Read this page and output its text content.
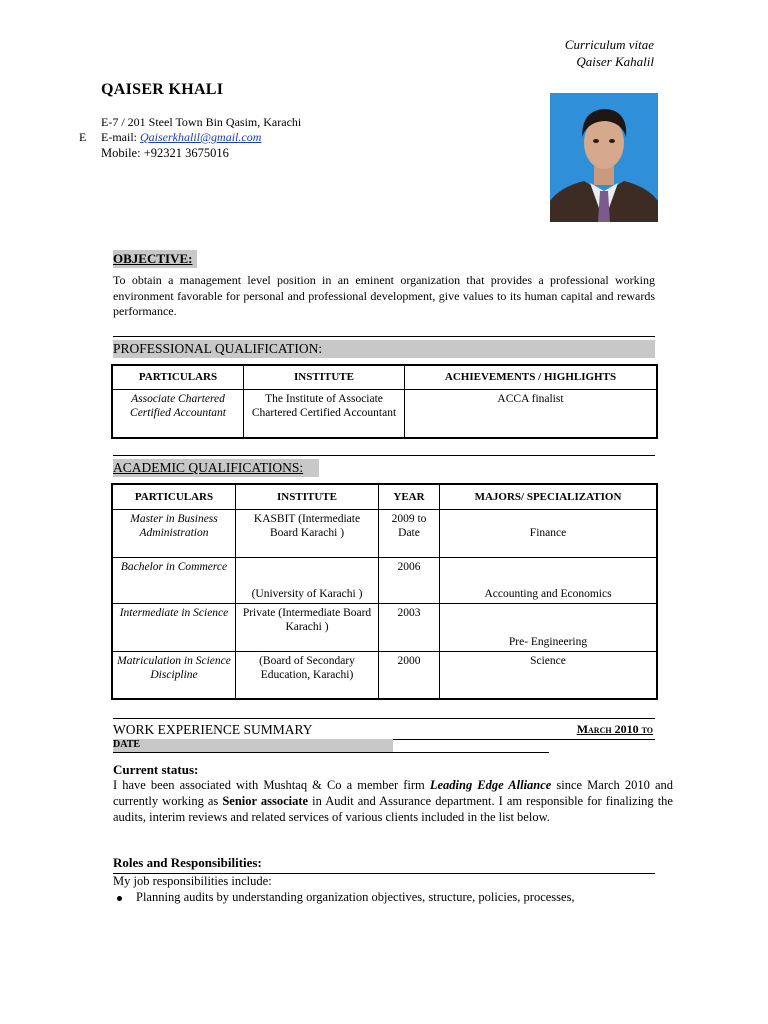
Curriculum vitae
Qaiser Kahalil
QAISER KHALI
E-7 / 201 Steel Town Bin Qasim, Karachi
E E-mail: Qaiserkhalil@gmail.com
Mobile: +92321 3675016
OBJECTIVE:
To obtain a management level position in an eminent organization that provides a professional working environment favorable for personal and professional development, give values to its human capital and rewards performance.
PROFESSIONAL QUALIFICATION:
PARTICULARS	INSTITUTE	ACHIEVEMENTS / HIGHLIGHTS
Associate Chartered Certified Accountant	The Institute of Associate Chartered Certified Accountant	ACCA finalist
ACADEMIC QUALIFICATIONS:
PARTICULARS	INSTITUTE	YEAR	MAJORS/ SPECIALIZATION
Master in Business Administration	KASBIT (Intermediate Board Karachi )	2009 to Date	Finance
Bachelor in Commerce	(University of Karachi )	2006	Accounting and Economics
Intermediate in Science	Private (Intermediate Board Karachi )	2003	Pre- Engineering
Matriculation in Science Discipline	(Board of Secondary Education, Karachi)	2000	Science
WORK EXPERIENCE SUMMARY	March 2010 to
DATE
Current status:
I have been associated with Mushtaq & Co a member firm Leading Edge Alliance since March 2010 and currently working as Senior associate in Audit and Assurance department. I am responsible for finalizing the audits, interim reviews and related services of various clients included in the list below.
Roles and Responsibilities:
My job responsibilities include:
Planning audits by understanding organization objectives, structure, policies, processes,
